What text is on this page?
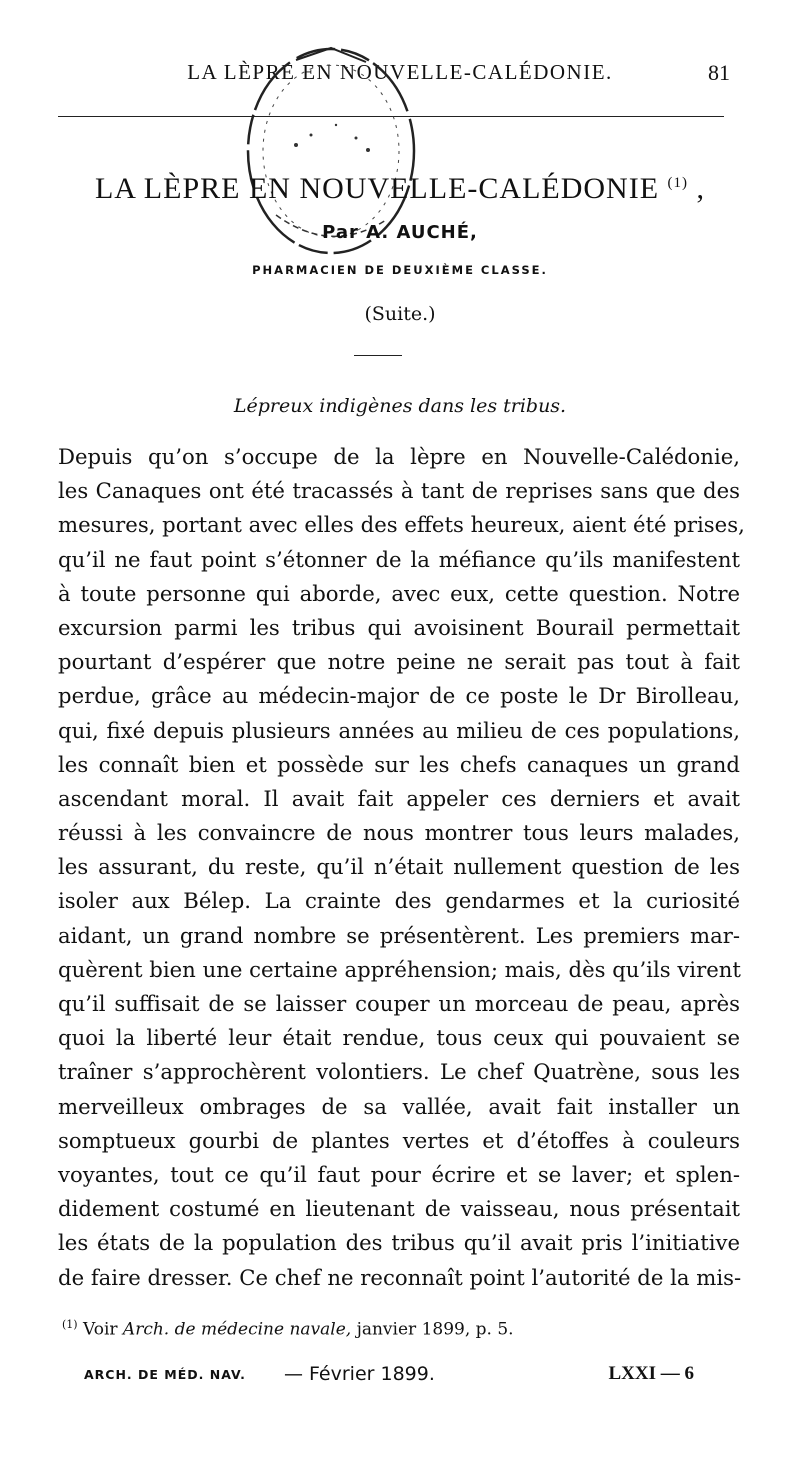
LA LÈPRE EN NOUVELLE-CALÉDONIE.	81
LA LÈPRE EN NOUVELLE-CALÉDONIE $^{(1)}$ ,
Par A. AUCHÉ,
PHARMACIEN DE DEUXIÈME CLASSE.
(Suite.)
Lépreux indigènes dans les tribus.
Depuis qu’on s’occupe de la lèpre en Nouvelle-Calédonie,
les Canaques ont été tracassés à tant de reprises sans que des
mesures, portant avec elles des effets heureux, aient été prises,
qu’il ne faut point s’étonner de la méfiance qu’ils manifestent
à toute personne qui aborde, avec eux, cette question. Notre
excursion parmi les tribus qui avoisinent Bourail permettait
pourtant d’espérer que notre peine ne serait pas tout à fait
perdue, grâce au médecin-major de ce poste le Dr Birolleau,
qui, fixé depuis plusieurs années au milieu de ces populations,
les connaît bien et possède sur les chefs canaques un grand
ascendant moral. Il avait fait appeler ces derniers et avait
réussi à les convaincre de nous montrer tous leurs malades,
les assurant, du reste, qu’il n’était nullement question de les
isoler aux Bélep. La crainte des gendarmes et la curiosité
aidant, un grand nombre se présentèrent. Les premiers mar-
quèrent bien une certaine appréhension; mais, dès qu’ils virent
qu’il suffisait de se laisser couper un morceau de peau, après
quoi la liberté leur était rendue, tous ceux qui pouvaient se
traîner s’approchèrent volontiers. Le chef Quatrène, sous les
merveilleux ombrages de sa vallée, avait fait installer un
somptueux gourbi de plantes vertes et d’étoffes à couleurs
voyantes, tout ce qu’il faut pour écrire et se laver; et splen-
didement costumé en lieutenant de vaisseau, nous présentait
les états de la population des tribus qu’il avait pris l’initiative
de faire dresser. Ce chef ne reconnaît point l’autorité de la mis-
$^{(1)}$ Voir Arch. de médecine navale, janvier 1899, p. 5.
ARCH. DE MÉD. NAV. — Février 1899.	LXXI — 6
